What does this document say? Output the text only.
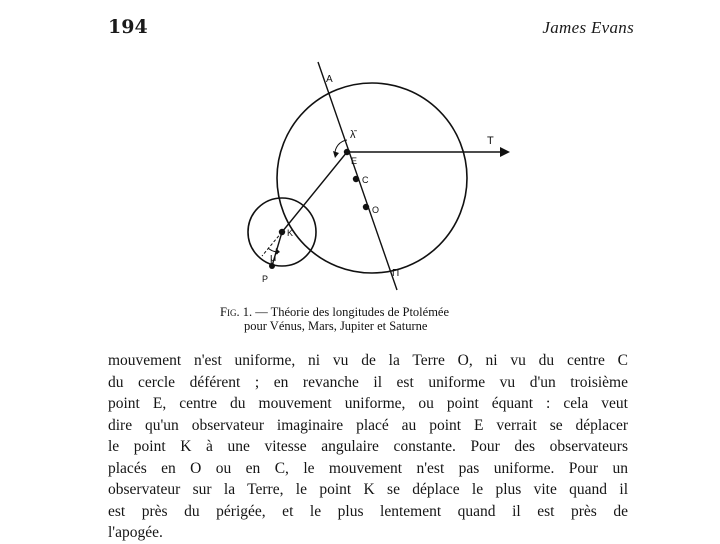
194	James Evans
A
λ̄
E
T
C
O
K
μ̄
P	Π
Fig. 1. — Théorie des longitudes de Ptolémée
pour Vénus, Mars, Jupiter et Saturne
mouvement n'est uniforme, ni vu de la Terre O, ni vu du centre C
du cercle déférent ; en revanche il est uniforme vu d'un troisième
point E, centre du mouvement uniforme, ou point équant : cela veut
dire qu'un observateur imaginaire placé au point E verrait se déplacer
le point K à une vitesse angulaire constante. Pour des observateurs
placés en O ou en C, le mouvement n'est pas uniforme. Pour un
observateur sur la Terre, le point K se déplace le plus vite quand il
est près du périgée, et le plus lentement quand il est près de
l'apogée.
